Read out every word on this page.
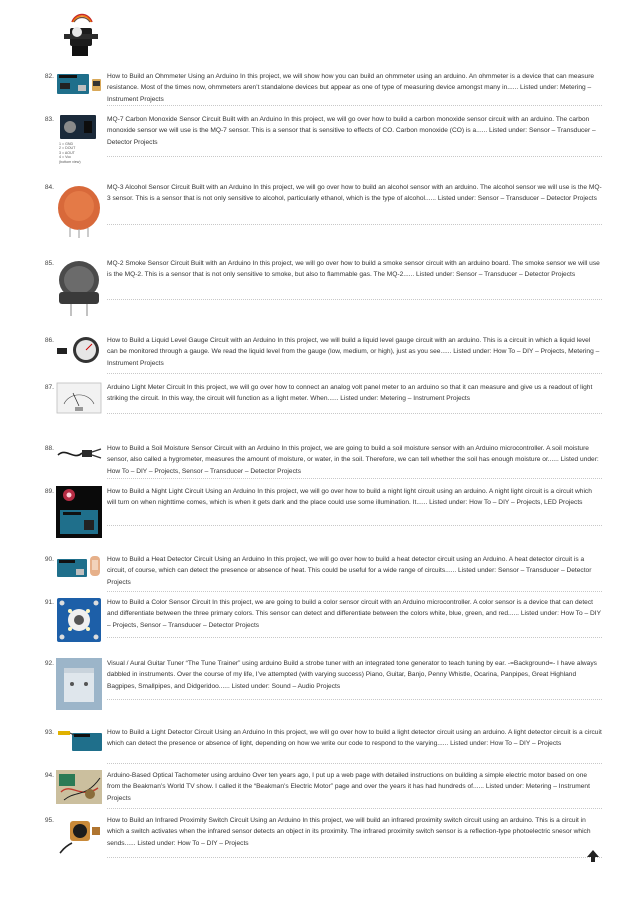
82.	How to Build an Ohmmeter Using an Arduino In this project, we will show how you can build an ohmmeter using an arduino. An ohmmeter is a device that can measure resistance. Most of the times now, ohmmeters aren’t standalone devices but appear as one of type of measuring device amongst many in...... Listed under: Metering – Instrument Projects
83.
1 = GND
2 = DOUT
3 = AOUT
4 = Vcc
(bottom view)
MQ-7 Carbon Monoxide Sensor Circuit Built with an Arduino In this project, we will go over how to build a carbon monoxide sensor circuit with an arduino. The carbon monoxide sensor we will use is the MQ-7 sensor. This is a sensor that is sensitive to effects of CO. Carbon monoxide (CO) is a...... Listed under: Sensor – Transducer – Detector Projects
84.	MQ-3 Alcohol Sensor Circuit Built with an Arduino In this project, we will go over how to build an alcohol sensor with an arduino. The alcohol sensor we will use is the MQ-3 sensor. This is a sensor that is not only sensitive to alcohol, particularly ethanol, which is the type of alcohol...... Listed under: Sensor – Transducer – Detector Projects
85.	MQ-2 Smoke Sensor Circuit Built with an Arduino In this project, we will go over how to build a smoke sensor circuit with an arduino board. The smoke sensor we will use is the MQ-2. This is a sensor that is not only sensitive to smoke, but also to flammable gas. The MQ-2...... Listed under: Sensor – Transducer – Detector Projects
86.	How to Build a Liquid Level Gauge Circuit with an Arduino In this project, we will build a liquid level gauge circuit with an arduino. This is a circuit in which a liquid level can be monitored through a gauge. We read the liquid level from the gauge (low, medium, or high), just as you see...... Listed under: How To – DIY – Projects, Metering – Instrument Projects
87.	Arduino Light Meter Circuit In this project, we will go over how to connect an analog volt panel meter to an arduino so that it can measure and give us a readout of light striking the circuit. In this way, the circuit will function as a light meter. When...... Listed under: Metering – Instrument Projects
88.	How to Build a Soil Moisture Sensor Circuit with an Arduino In this project, we are going to build a soil moisture sensor with an Arduino microcontroller. A soil moisture sensor, also called a hygrometer, measures the amount of moisture, or water, in the soil. Therefore, we can tell whether the soil has enough moisture or...... Listed under: How To – DIY – Projects, Sensor – Transducer – Detector Projects
89.	How to Build a Night Light Circuit Using an Arduino In this project, we will go over how to build a night light circuit using an arduino. A night light circuit is a circuit which will turn on when nighttime comes, which is when it gets dark and the place could use some illumination. It...... Listed under: How To – DIY – Projects, LED Projects
90.	How to Build a Heat Detector Circuit Using an Arduino In this project, we will go over how to build a heat detector circuit using an Arduino. A heat detector circuit is a circuit, of course, which can detect the presence or absence of heat. This could be useful for a wide range of circuits...... Listed under: Sensor – Transducer – Detector Projects
91.	How to Build a Color Sensor Circuit In this project, we are going to build a color sensor circuit with an Arduino microcontroller. A color sensor is a device that can detect and differentiate between the three primary colors. This sensor can detect and differentiate between the colors white, blue, green, and red...... Listed under: How To – DIY – Projects, Sensor – Transducer – Detector Projects
92.	Visual / Aural Guitar Tuner “The Tune Trainer” using arduino Build a strobe tuner with an integrated tone generator to teach tuning by ear. -=Background=- I have always dabbled in instruments. Over the course of my life, I’ve attempted (with varying success) Piano, Guitar, Banjo, Penny Whistle, Ocarina, Panpipes, Great Highland Bagpipes, Smallpipes, and Didgeridoo...... Listed under: Sound – Audio Projects
93.	How to Build a Light Detector Circuit Using an Arduino In this project, we will go over how to build a light detector circuit using an arduino. A light detector circuit is a circuit which can detect the presence or absence of light, depending on how we write our code to respond to the varying...... Listed under: How To – DIY – Projects
94.	Arduino-Based Optical Tachometer using arduino Over ten years ago, I put up a web page with detailed instructions on building a simple electric motor based on one from the Beakman’s World TV show. I called it the “Beakman’s Electric Motor” page and over the years it has had hundreds of...... Listed under: Metering – Instrument Projects
95.	How to Build an Infrared Proximity Switch Circuit Using an Arduino In this project, we will build an infrared proximity switch circuit using an arduino. This is a circuit in which a switch activates when the infrared sensor detects an object in its proximity. The infrared proximity switch sensor is a reflection-type photoelectric snesor which sends...... Listed under: How To – DIY – Projects
